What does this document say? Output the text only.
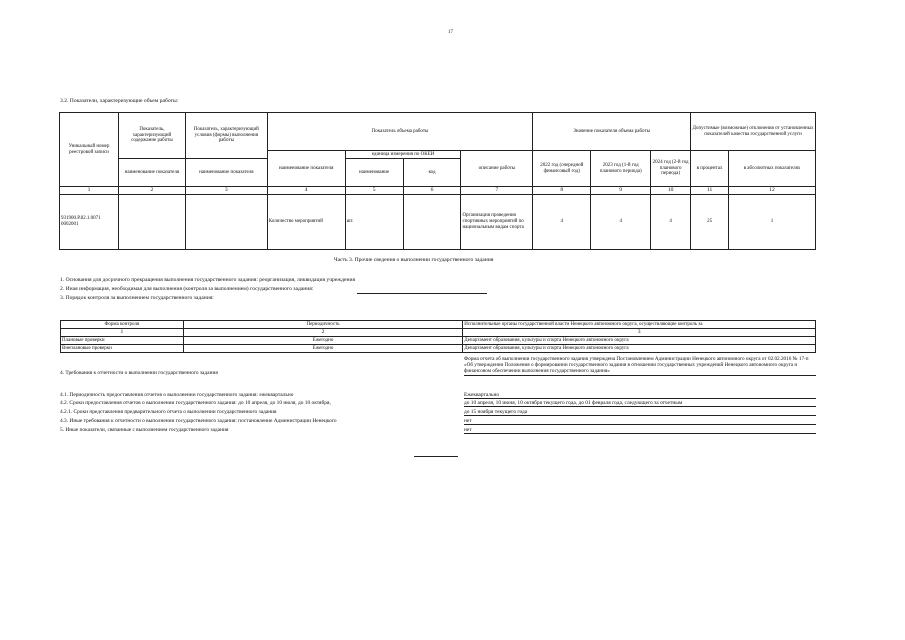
17
3.2. Показатели, характеризующие объем работы:
Уникальный номер реестровой записи	Показатель, характеризующий содержание работы	Показатель, характеризующий условия (формы) выполнения работы	Показатель объема работы				Значение показателя объема работы			Допустимые (возможные) отклонения от установленных показателей качества государственной услуги	
			наименование показателя	единица измерения по ОКЕИ		описание работы	2022 год (очередной финансовый год)	2023 год (1-й год планового периода)	2024 год (2-й год планового периода)	в процентах	в абсолютных показателях
	наименование показателя	наименование показателя		наименование	код						
1	2	3	4	5	6	7	8	9	10	11	12
931900.Р.82.1.0071 0002001			Количество мероприятий	шт.		Организация проведения спортивных мероприятий по национальным видам спорта	4	4	4	25	1
Часть 3. Прочие сведения о выполнении государственного задания
1. Основания для досрочного прекращения выполнения государственного задания: реорганизация, ликвидация учреждения
2. Иная информация, необходимая для выполнения (контроля за выполнением) государственного задания:
3. Порядок контроля за выполнением государственного задания:
Форма контроля	Периодичность	Исполнительные органы государственной власти Ненецкого автономного округа, осуществляющие контроль за
1	2	3
Плановые проверки	Ежегодно	Департамент образования, культуры и спорта Ненецкого автономного округа
Внеплановые проверки	Ежегодно	Департамент образования, культуры и спорта Ненецкого автономного округа
4. Требования к отчетности о выполнении государственного задания
Форма отчета об выполнении государственного задания утверждена Постановлением Администрации Ненецкого автономного округа от 02.02.2016 № 17-п «Об утверждении Положения о формировании государственного задания в отношении государственных учреждений Ненецкого автономного округа и финансовом обеспечении выполнения государственного задания»
4.1. Периодичность предоставления отчетов о выполнении государственного задания: ежеквартально	Ежеквартально
4.2. Сроки предоставления отчетов о выполнении государственного задания: до 10 апреля, до 10 июля, до 10 октября,	до 10 апреля, 10 июня, 10 октября текущего года, до 01 февраля года, следующего за отчетным
4.2.1. Сроки представления предварительного отчета о выполнении государственного задания	до 15 ноября текущего года
4.3. Иные требования к отчетности о выполнении государственного задания: постановление Администрации Ненецкого	нет
5. Иные показатели, связанные с выполнением государственного задания	нет
